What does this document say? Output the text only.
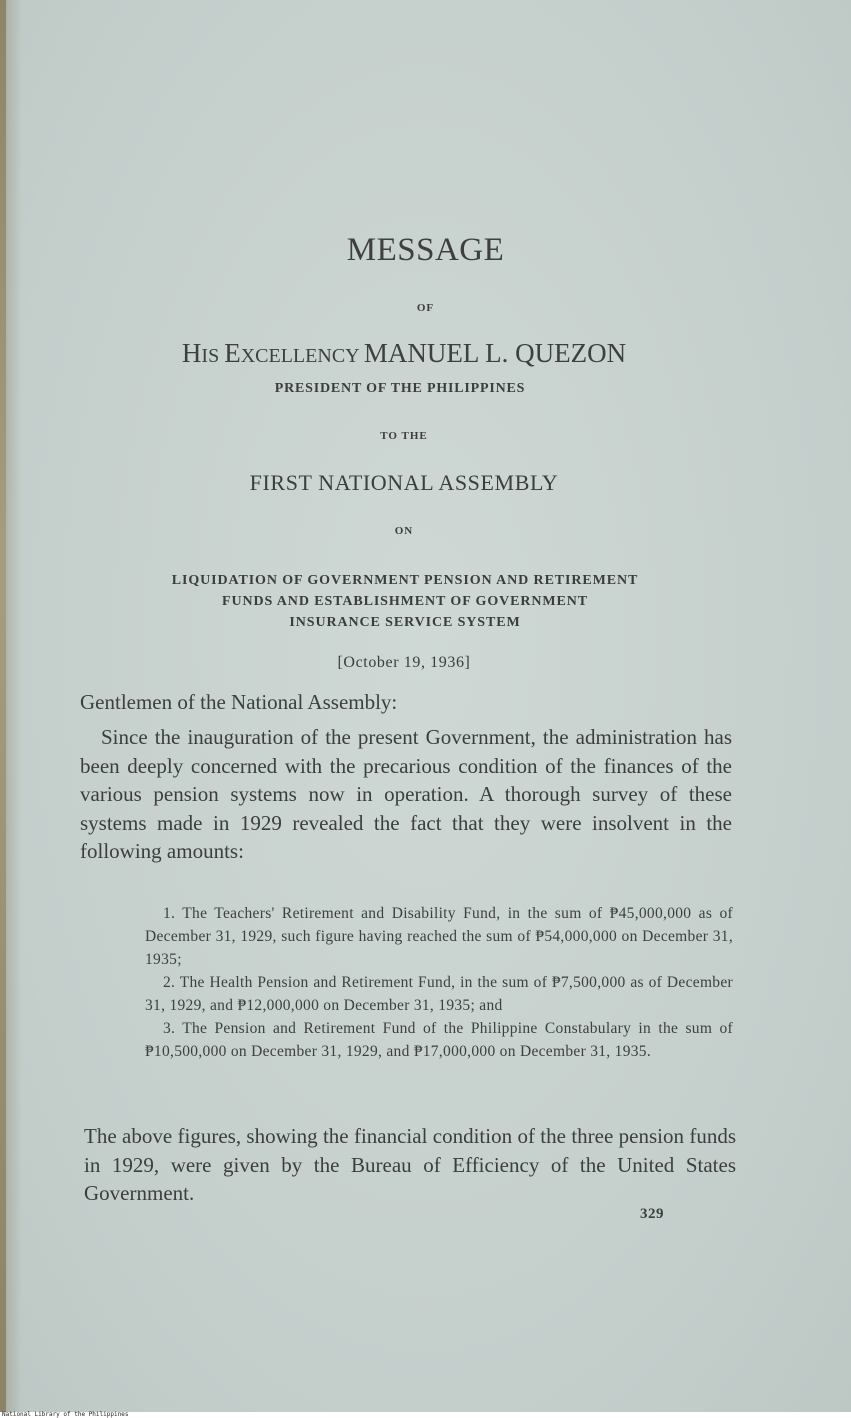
MESSAGE
OF
HIS EXCELLENCY MANUEL L. QUEZON
PRESIDENT OF THE PHILIPPINES
TO THE
FIRST NATIONAL ASSEMBLY
ON
LIQUIDATION OF GOVERNMENT PENSION AND RETIREMENT
FUNDS AND ESTABLISHMENT OF GOVERNMENT
INSURANCE SERVICE SYSTEM
[October 19, 1936]
Gentlemen of the National Assembly:
Since the inauguration of the present Government, the administration has been deeply concerned with the precarious condition of the finances of the various pension systems now in operation. A thorough survey of these systems made in 1929 revealed the fact that they were insolvent in the following amounts:

1. The Teachers' Retirement and Disability Fund, in the sum of ₱45,000,000 as of December 31, 1929, such figure having reached the sum of ₱54,000,000 on December 31, 1935;

2. The Health Pension and Retirement Fund, in the sum of ₱7,500,000 as of December 31, 1929, and ₱12,000,000 on December 31, 1935; and

3. The Pension and Retirement Fund of the Philippine Constabulary in the sum of ₱10,500,000 on December 31, 1929, and ₱17,000,000 on December 31, 1935.

The above figures, showing the financial condition of the three pension funds in 1929, were given by the Bureau of Efficiency of the United States Government.
329
National Library of the Philippines
